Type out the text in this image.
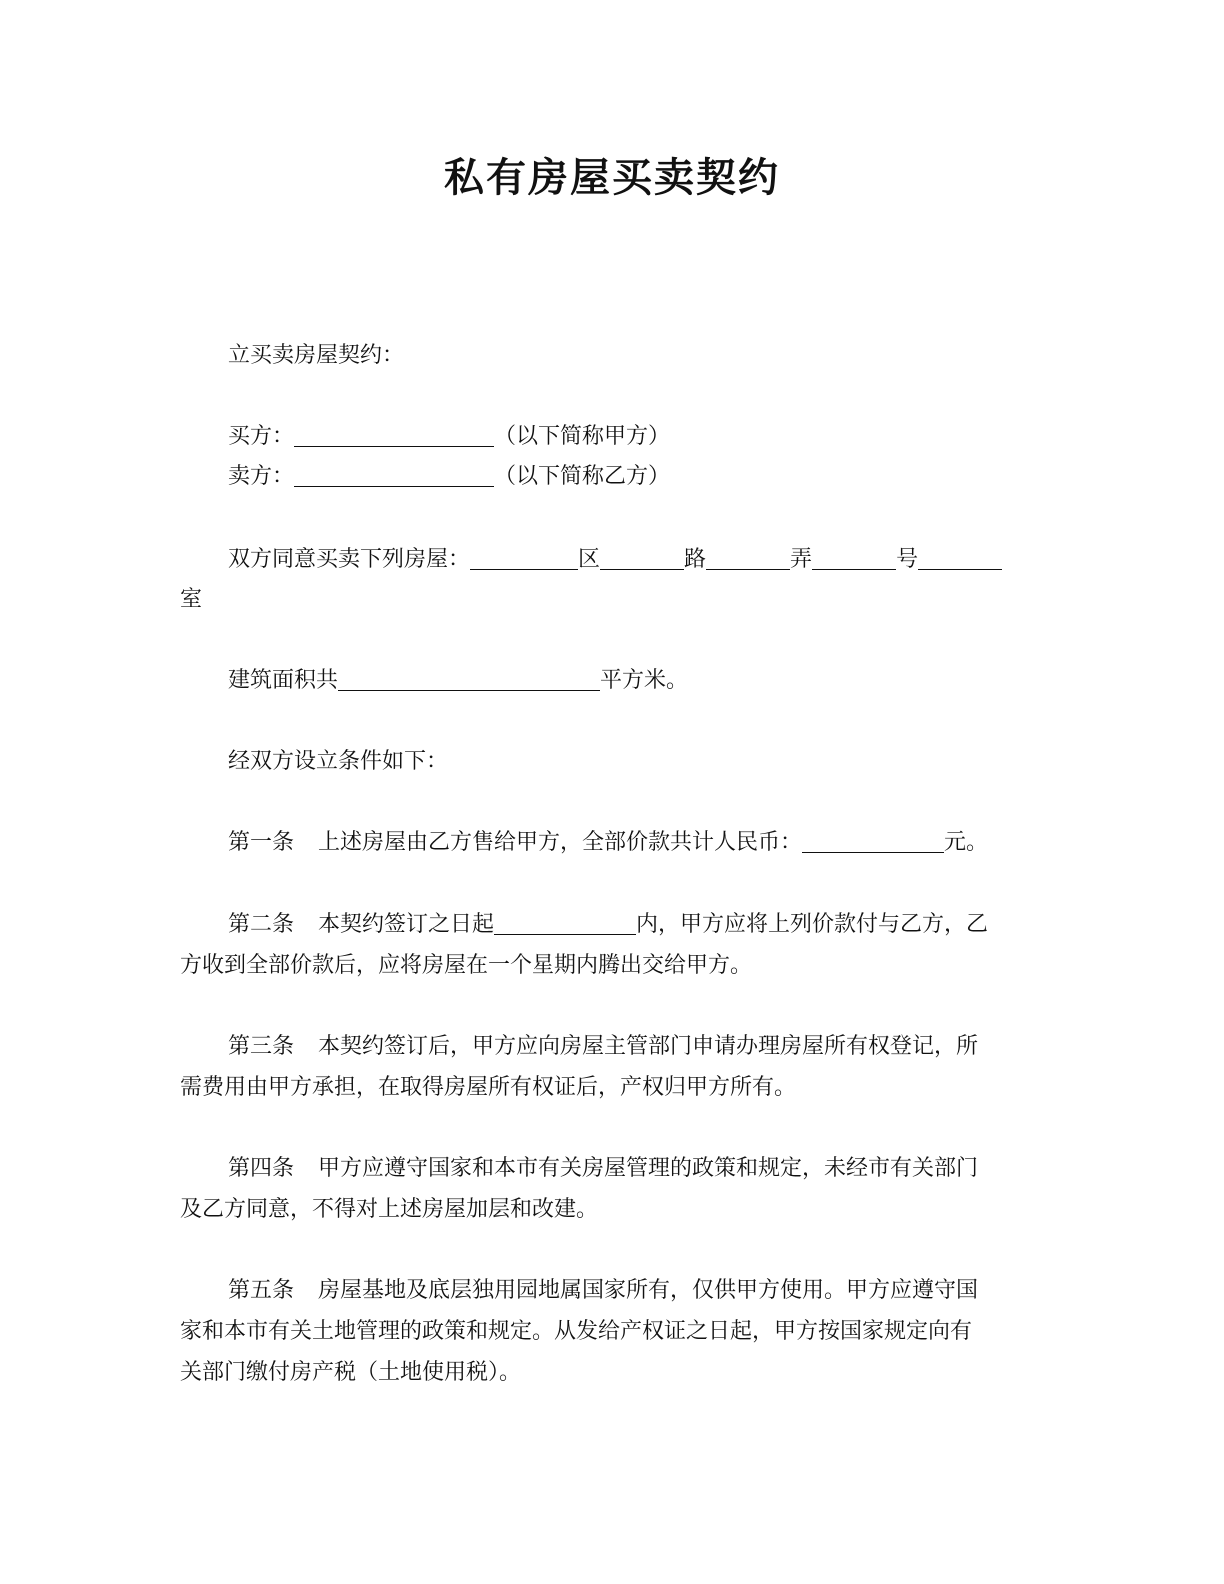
私有房屋买卖契约
立买卖房屋契约：
买方：	（以下简称甲方）
卖方：	（以下简称乙方）
双方同意买卖下列房屋：	区	路	弄	号
室
建筑面积共	平方米。
经双方设立条件如下：
第一条 上述房屋由乙方售给甲方，全部价款共计人民币：	元。
第二条 本契约签订之日起	内，甲方应将上列价款付与乙方，乙
方收到全部价款后，应将房屋在一个星期内腾出交给甲方。
第三条 本契约签订后，甲方应向房屋主管部门申请办理房屋所有权登记，所
需费用由甲方承担，在取得房屋所有权证后，产权归甲方所有。
第四条 甲方应遵守国家和本市有关房屋管理的政策和规定，未经市有关部门
及乙方同意，不得对上述房屋加层和改建。
第五条 房屋基地及底层独用园地属国家所有，仅供甲方使用。甲方应遵守国
家和本市有关土地管理的政策和规定。从发给产权证之日起，甲方按国家规定向有
关部门缴付房产税（土地使用税）。
